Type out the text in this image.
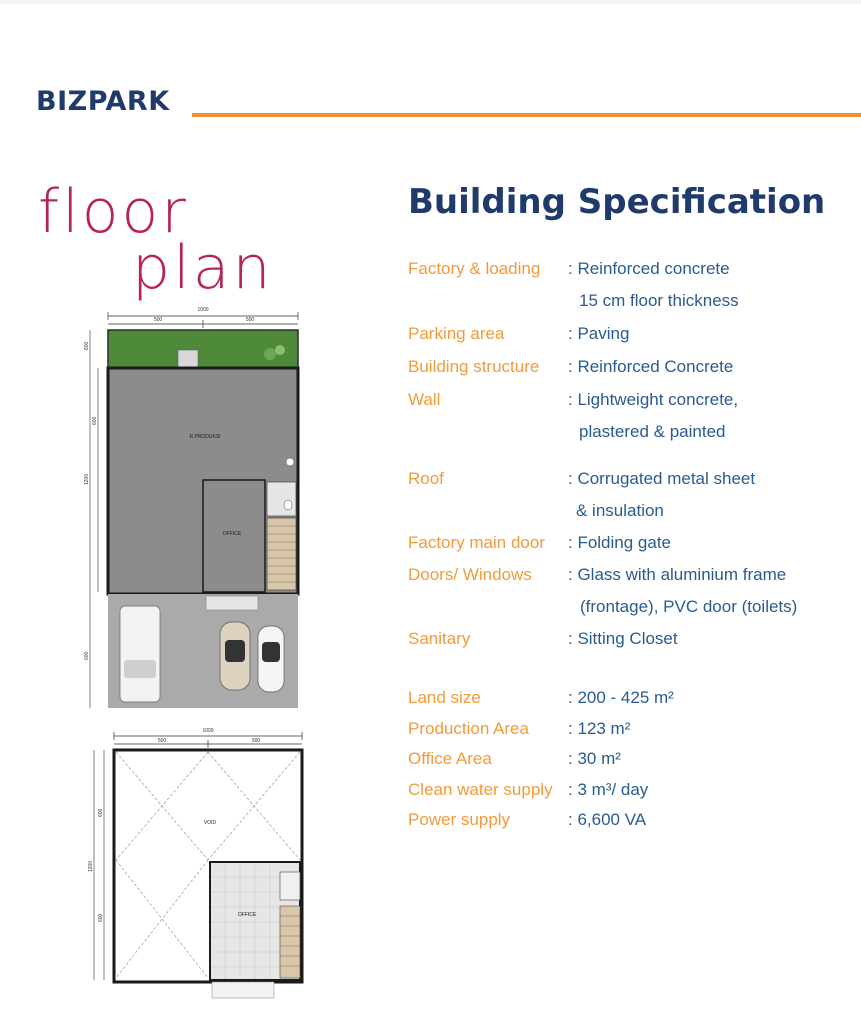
BIZPARK
floor
plan
Building Specification
Factory & loading : Reinforced concrete
15 cm floor thickness
Parking area	: Paving
Building structure : Reinforced Concrete
Wall	: Lightweight concrete,
plastered & painted
Roof	: Corrugated metal sheet
& insulation
Factory main door : Folding gate
Doors/ Windows : Glass with aluminium frame
(frontage), PVC door (toilets)
Sanitary	: Sitting Closet
Land size	: 200 - 425 m²
Production Area : 123 m²
Office Area	: 30 m²
Clean water supply : 3 m³/ day
Power supply	: 6,600 VA
1000
500	500
600
1200
600
600
R.PRODUKSI
OFFICE
1000
500	500
600
1200
600
VOID
OFFICE
